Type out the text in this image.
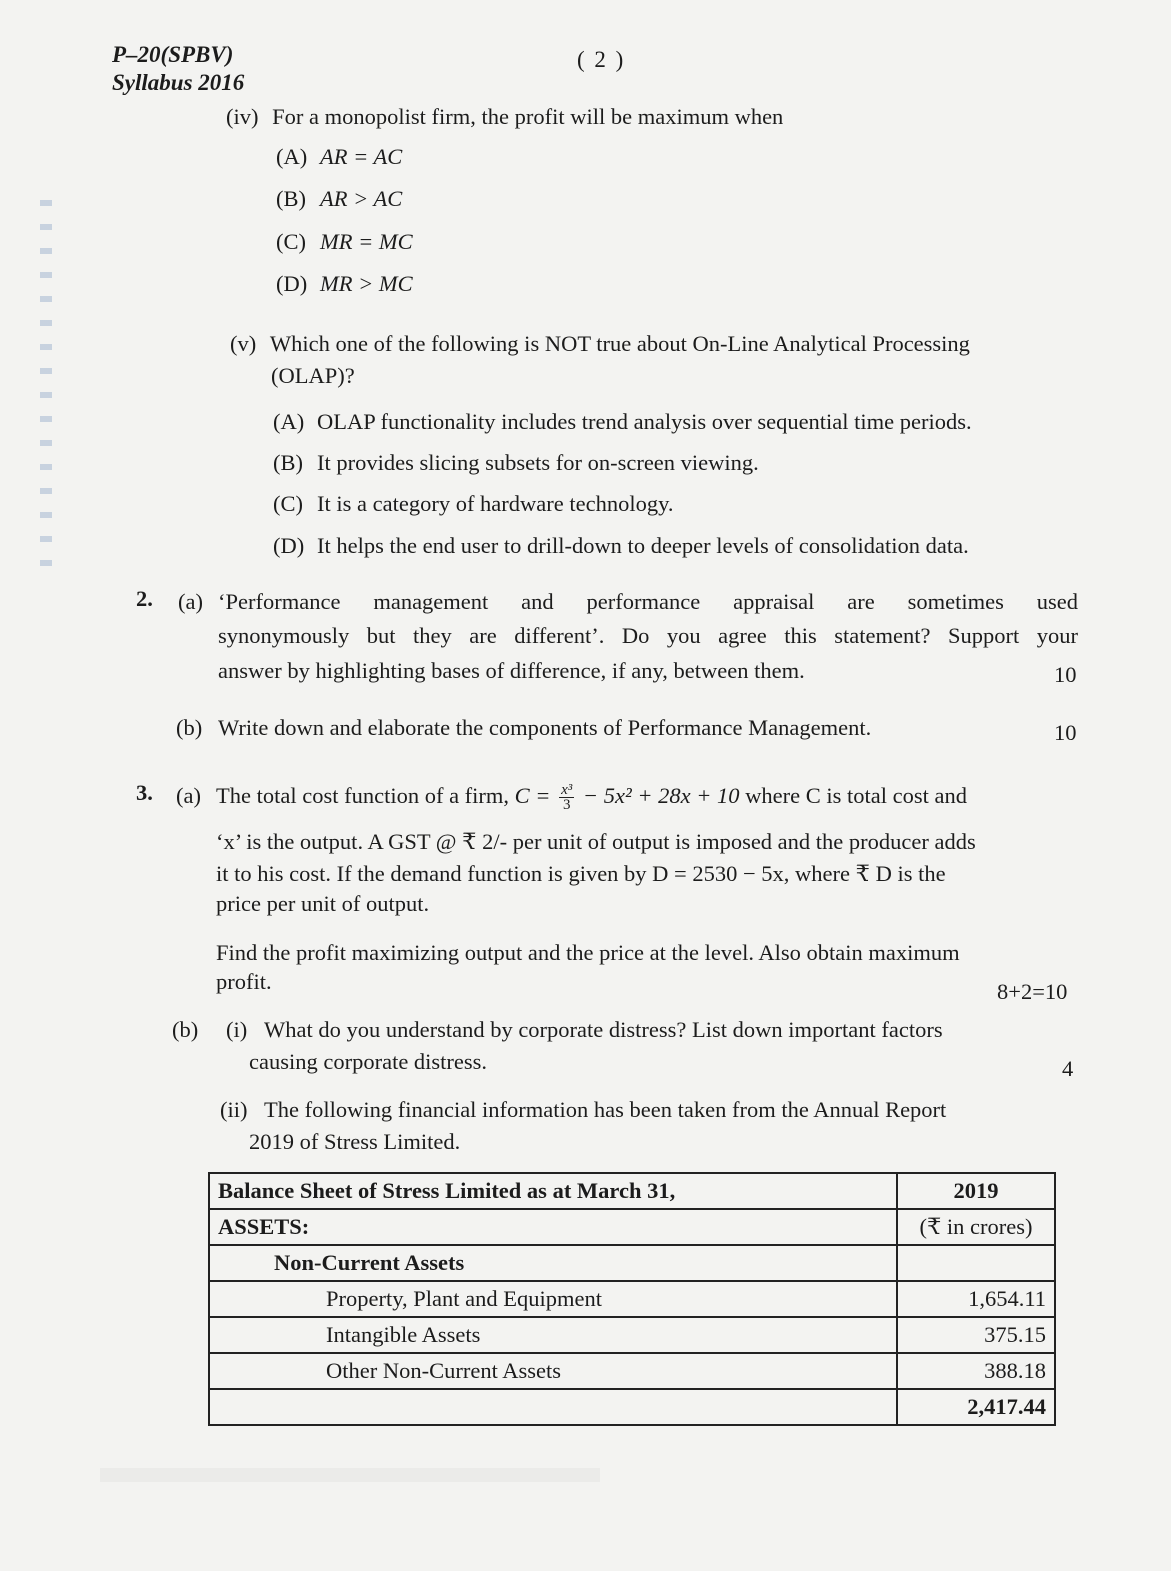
P–20(SPBV)
Syllabus 2016
( 2 )
(iv) For a monopolist firm, the profit will be maximum when
(A) AR = AC
(B) AR > AC
(C) MR = MC
(D) MR > MC
(v) Which one of the following is NOT true about On-Line Analytical Processing
(OLAP)?
(A) OLAP functionality includes trend analysis over sequential time periods.
(B) It provides slicing subsets for on-screen viewing.
(C) It is a category of hardware technology.
(D) It helps the end user to drill-down to deeper levels of consolidation data.
2. (a) ‘Performance management and performance appraisal are sometimes used
synonymously but they are different’. Do you agree this statement? Support your
answer by highlighting bases of difference, if any, between them.	10
(b) Write down and elaborate the components of Performance Management.	10
3. (a) The total cost function of a firm, $C = \frac{\text{x³}}{3} - 5x^2 + 28x + 10$ where C is total cost and
‘x’ is the output. A GST @ ₹ 2/- per unit of output is imposed and the producer adds
it to his cost. If the demand function is given by D = 2530 − 5x, where ₹ D is the
price per unit of output.
Find the profit maximizing output and the price at the level. Also obtain maximum
profit.	8+2=10
(b) (i) What do you understand by corporate distress? List down important factors
causing corporate distress.	4
(ii) The following financial information has been taken from the Annual Report
2019 of Stress Limited.
Balance Sheet of Stress Limited as at March 31,	2019
ASSETS:	(₹ in crores)
Non-Current Assets	
Property, Plant and Equipment	1,654.11
Intangible Assets	375.15
Other Non-Current Assets	388.18
	2,417.44
